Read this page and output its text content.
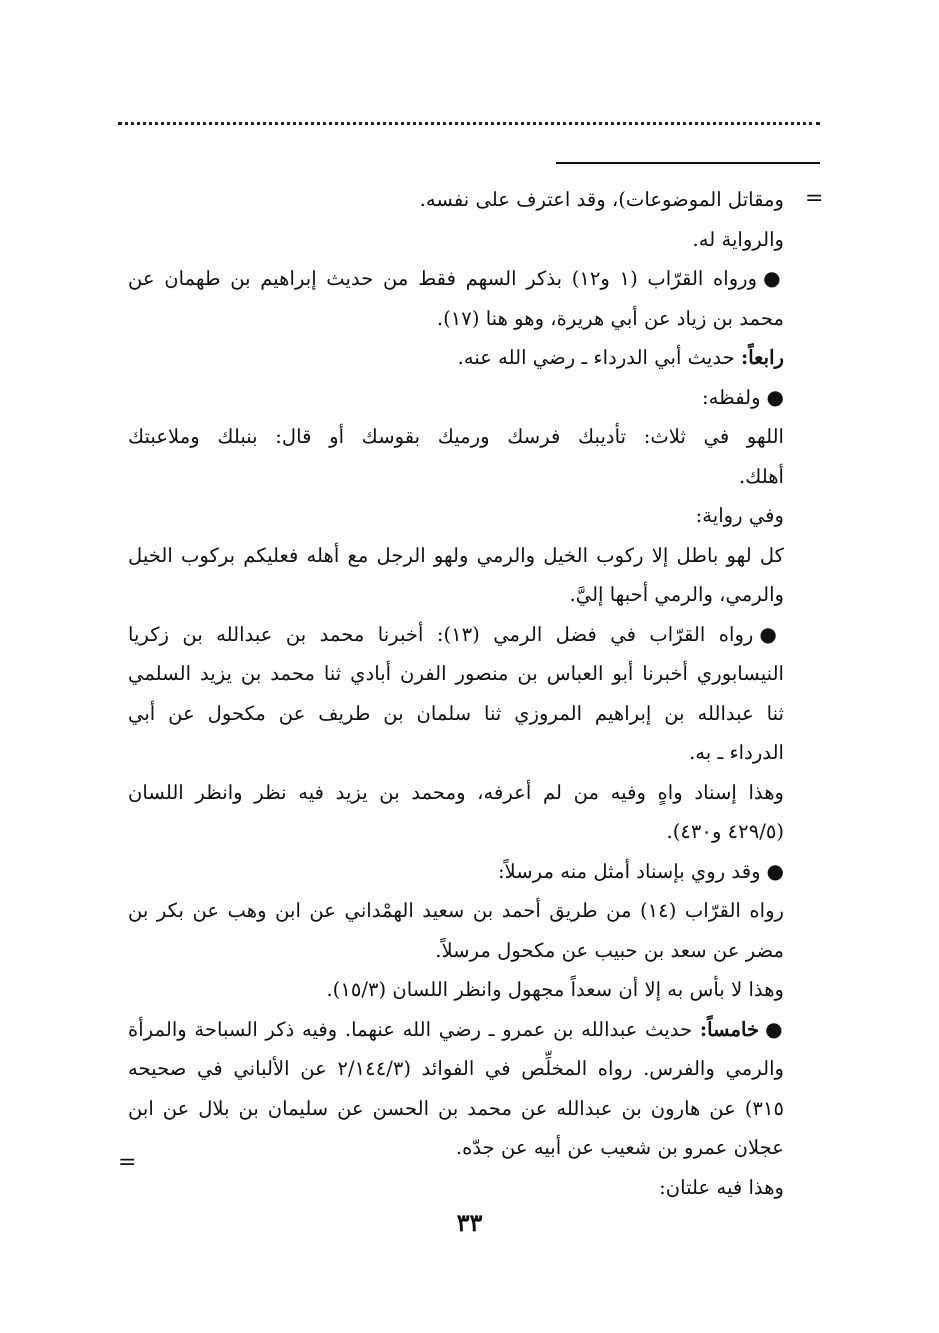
=
ومقاتل الموضوعات)، وقد اعترف على نفسه.
والرواية له.
●ورواه القرّاب (١ و١٢) بذكر السهم فقط من حديث إبراهيم بن طهمان عن
محمد بن زياد عن أبي هريرة، وهو هنا (١٧).
رابعاً: حديث أبي الدرداء ـ رضي الله عنه.
●ولفظه:
اللهو في ثلاث: تأديبك فرسك ورميك بقوسك أو قال: بنبلك وملاعبتك
أهلك.
وفي رواية:
كل لهو باطل إلا ركوب الخيل والرمي ولهو الرجل مع أهله فعليكم بركوب الخيل
والرمي، والرمي أحبها إليَّ.
●رواه القرّاب في فضل الرمي (١٣): أخبرنا محمد بن عبدالله بن زكريا
النيسابوري أخبرنا أبو العباس بن منصور الفرن أبادي ثنا محمد بن يزيد السلمي
ثنا عبدالله بن إبراهيم المروزي ثنا سلمان بن طريف عن مكحول عن أبي
الدرداء ـ به.
وهذا إسناد واهٍ وفيه من لم أعرفه، ومحمد بن يزيد فيه نظر وانظر اللسان
(٤٢٩/٥ و٤٣٠).
●وقد روي بإسناد أمثل منه مرسلاً:
رواه القرّاب (١٤) من طريق أحمد بن سعيد الهمْداني عن ابن وهب عن بكر بن
مضر عن سعد بن حبيب عن مكحول مرسلاً.
وهذا لا بأس به إلا أن سعداً مجهول وانظر اللسان (١٥/٣).
●خامساً: حديث عبدالله بن عمرو ـ رضي الله عنهما. وفيه ذكر السباحة والمرأة
والرمي والفرس. رواه المخلِّص في الفوائد (٢/١٤٤/٣ عن الألباني في صحيحه
٣١٥) عن هارون بن عبدالله عن محمد بن الحسن عن سليمان بن بلال عن ابن
عجلان عمرو بن شعيب عن أبيه عن جدّه.
وهذا فيه علتان:
=
٣٣
